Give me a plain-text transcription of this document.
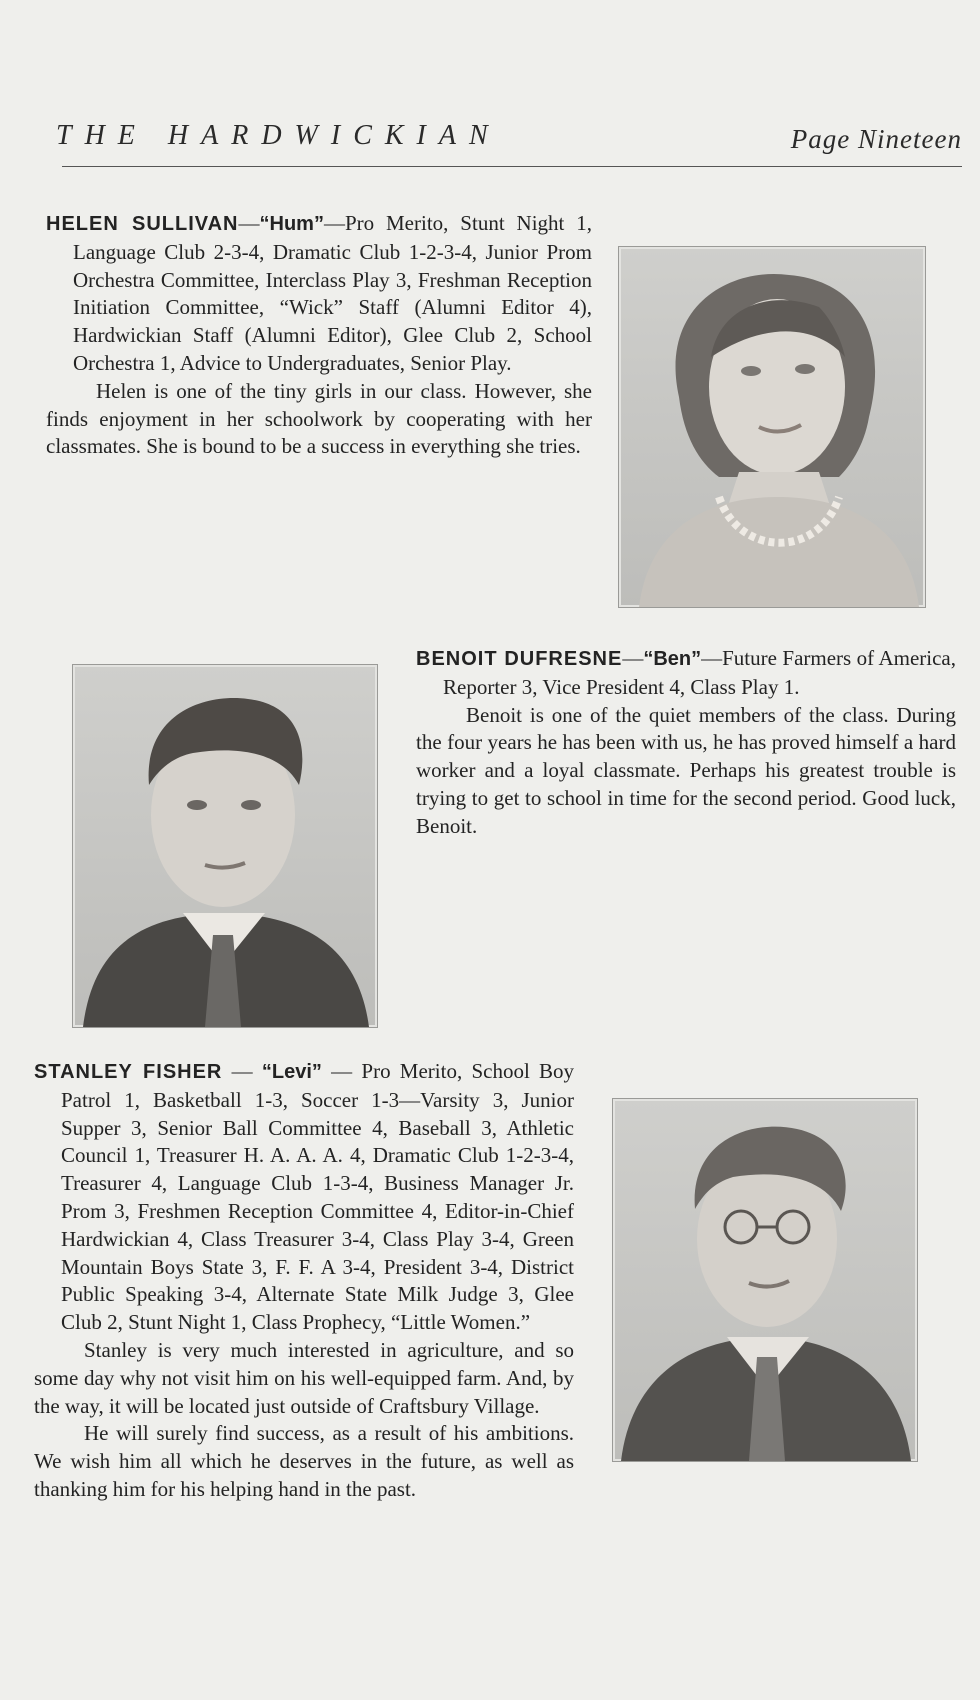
THE HARDWICKIAN	Page Nineteen

HELEN SULLIVAN—“Hum”—Pro Merito, Stunt Night 1, Language Club 2-3-4, Dramatic Club 1-2-3-4, Junior Prom Orchestra Committee, Interclass Play 3, Freshman Reception Initiation Committee, “Wick” Staff (Alumni Editor 4), Hardwickian Staff (Alumni Editor), Glee Club 2, School Orchestra 1, Advice to Undergraduates, Senior Play.

Helen is one of the tiny girls in our class. However, she finds enjoyment in her schoolwork by cooperating with her classmates. She is bound to be a success in everything she tries.

BENOIT DUFRESNE—“Ben”—Future Farmers of America, Reporter 3, Vice President 4, Class Play 1.

Benoit is one of the quiet members of the class. During the four years he has been with us, he has proved himself a hard worker and a loyal classmate. Perhaps his greatest trouble is trying to get to school in time for the second period. Good luck, Benoit.

STANLEY FISHER — “Levi” — Pro Merito, School Boy Patrol 1, Basketball 1-3, Soccer 1-3—Varsity 3, Junior Supper 3, Senior Ball Committee 4, Baseball 3, Athletic Council 1, Treasurer H. A. A. A. 4, Dramatic Club 1-2-3-4, Treasurer 4, Language Club 1-3-4, Business Manager Jr. Prom 3, Freshmen Reception Committee 4, Editor-in-Chief Hardwickian 4, Class Treasurer 3-4, Class Play 3-4, Green Mountain Boys State 3, F. F. A 3-4, President 3-4, District Public Speaking 3-4, Alternate State Milk Judge 3, Glee Club 2, Stunt Night 1, Class Prophecy, “Little Women.”

Stanley is very much interested in agriculture, and so some day why not visit him on his well-equipped farm. And, by the way, it will be located just outside of Craftsbury Village.

He will surely find success, as a result of his ambitions. We wish him all which he deserves in the future, as well as thanking him for his helping hand in the past.
